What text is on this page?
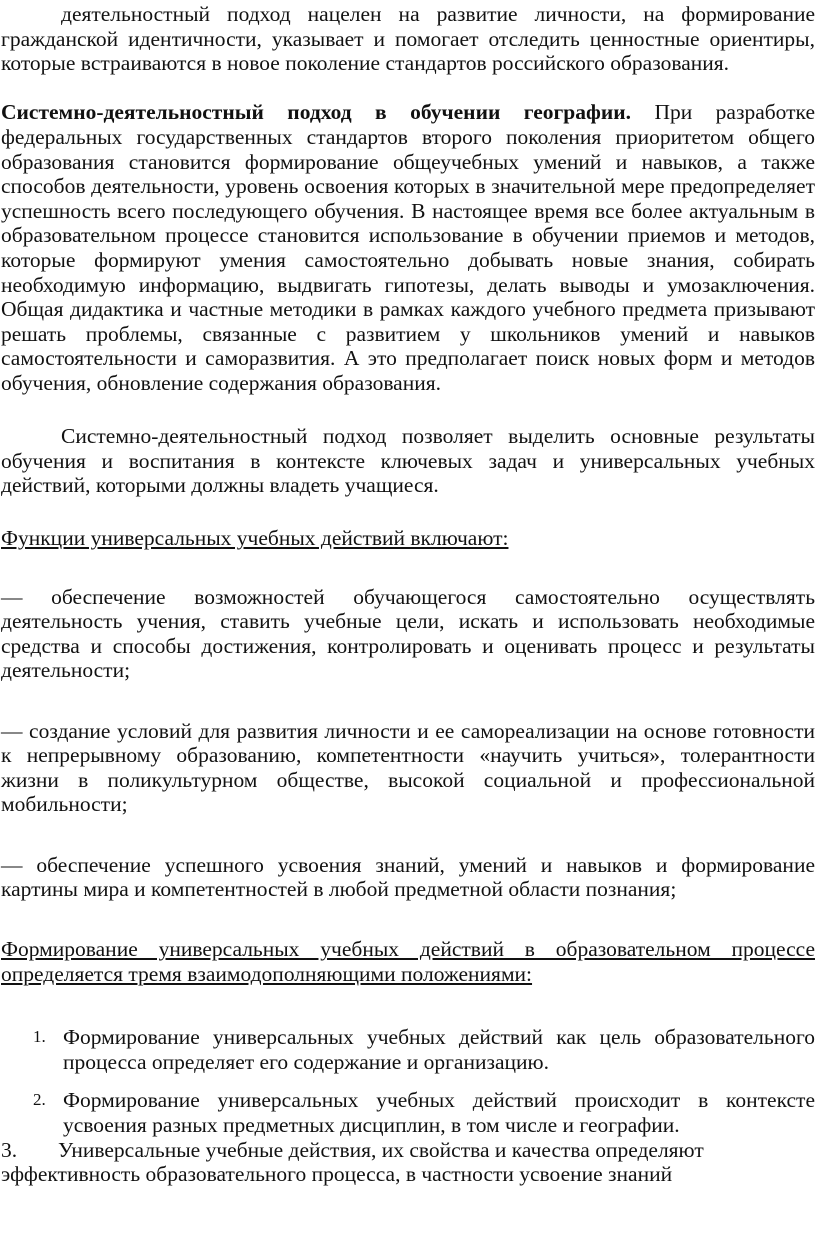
деятельностный подход нацелен на развитие личности, на формирование гражданской идентичности, указывает и помогает отследить ценностные ориентиры, которые встраиваются в новое поколение стандартов российского образования.

Системно-деятельностный подход в обучении географии. При разработке федеральных государственных стандартов второго поколения приоритетом общего образования становится формирование общеучебных умений и навыков, а также способов деятельности, уровень освоения которых в значительной мере предопределяет успешность всего последующего обучения. В настоящее время все более актуальным в образовательном процессе становится использование в обучении приемов и методов, которые формируют умения самостоятельно добывать новые знания, собирать необходимую информацию, выдвигать гипотезы, делать выводы и умозаключения. Общая дидактика и частные методики в рамках каждого учебного предмета призывают решать проблемы, связанные с развитием у школьников умений и навыков самостоятельности и саморазвития. А это предполагает поиск новых форм и методов обучения, обновление содержания образования.

Системно-деятельностный подход позволяет выделить основные результаты обучения и воспитания в контексте ключевых задач и универсальных учебных действий, которыми должны владеть учащиеся.

Функции универсальных учебных действий включают:

— обеспечение возможностей обучающегося самостоятельно осуществлять деятельность учения, ставить учебные цели, искать и использовать необходимые средства и способы достижения, контролировать и оценивать процесс и результаты деятельности;

— создание условий для развития личности и ее самореализации на основе готовности к непрерывному образованию, компетентности «научить учиться», толерантности жизни в поликультурном обществе, высокой социальной и профессиональной мобильности;

— обеспечение успешного усвоения знаний, умений и навыков и формирование картины мира и компетентностей в любой предметной области познания;

Формирование универсальных учебных действий в образовательном процессе определяется тремя взаимодополняющими положениями:

1. Формирование универсальных учебных действий как цель образовательного процесса определяет его содержание и организацию.
2. Формирование универсальных учебных действий происходит в контексте усвоения разных предметных дисциплин, в том числе и географии.

3. Универсальные учебные действия, их свойства и качества определяют эффективность образовательного процесса, в частности усвоение знаний
